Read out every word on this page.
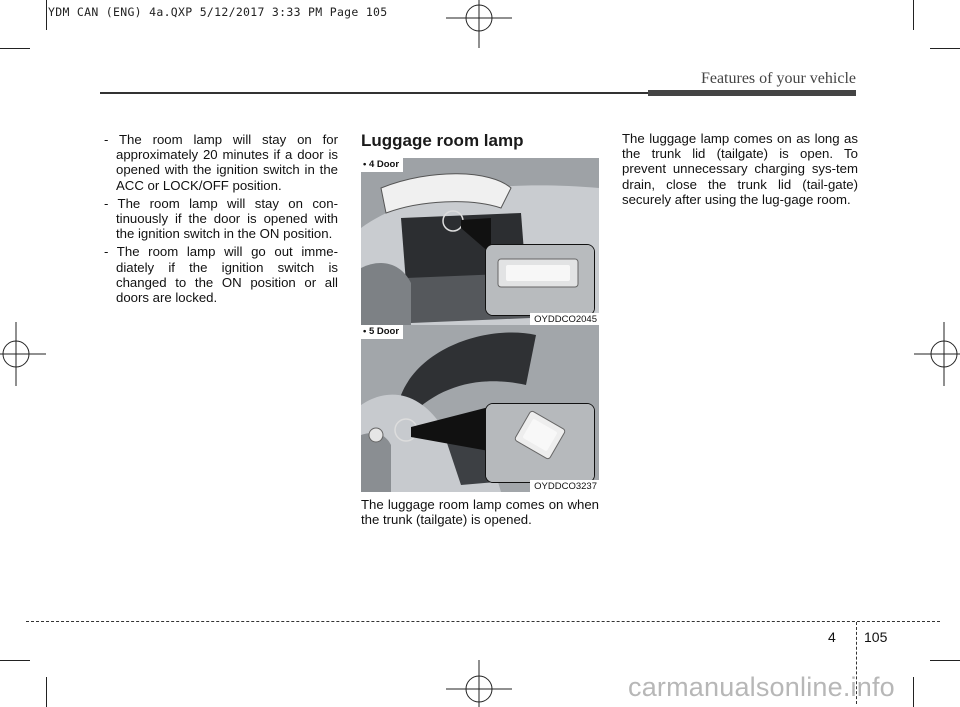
YDM CAN (ENG) 4a.QXP 5/12/2017 3:33 PM Page 105
Features of your vehicle

- The room lamp will stay on for approximately 20 minutes if a door is opened with the ignition switch in the ACC or LOCK/OFF position.

- The room lamp will stay on con-tinuously if the door is opened with the ignition switch in the ON position.

- The room lamp will go out imme-diately if the ignition switch is changed to the ON position or all doors are locked.

Luggage room lamp
• 4 Door
OYDDCO2045
• 5 Door
OYDDCO3237
The luggage room lamp comes on when the trunk (tailgate) is opened.
The luggage lamp comes on as long as the trunk lid (tailgate) is open. To prevent unnecessary charging sys-tem drain, close the trunk lid (tail-gate) securely after using the lug-gage room.
4 105
carmanualsonline.info
